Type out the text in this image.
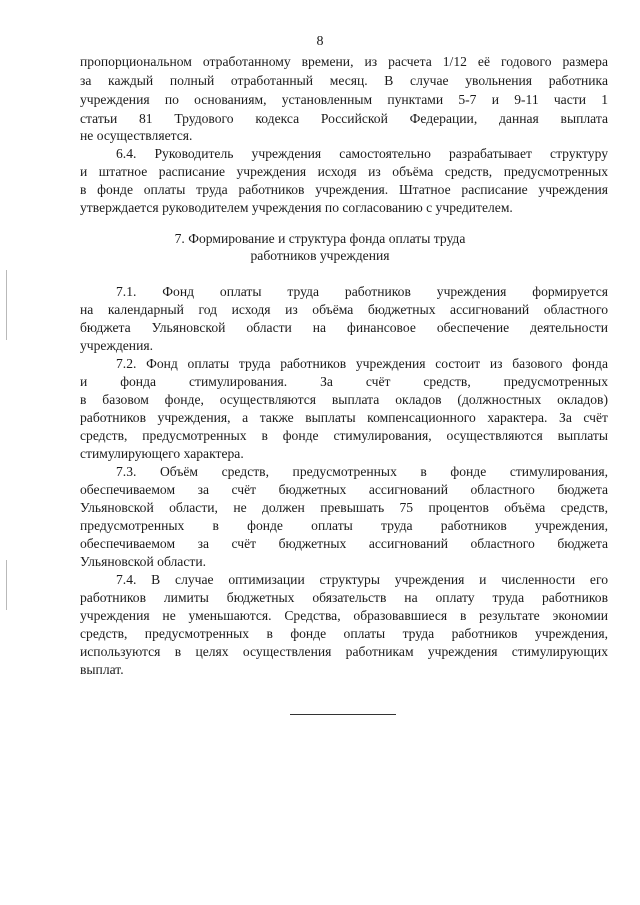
8
пропорциональном отработанному времени, из расчета 1/12 её годового размера
за каждый полный отработанный месяц. В случае увольнения работника
учреждения по основаниям, установленным пунктами 5-7 и 9-11 части 1
статьи 81 Трудового кодекса Российской Федерации, данная выплата
не осуществляется.
6.4. Руководитель учреждения самостоятельно разрабатывает структуру
и штатное расписание учреждения исходя из объёма средств, предусмотренных
в фонде оплаты труда работников учреждения. Штатное расписание учреждения
утверждается руководителем учреждения по согласованию с учредителем.
7. Формирование и структура фонда оплаты труда
работников учреждения
7.1. Фонд оплаты труда работников учреждения формируется
на календарный год исходя из объёма бюджетных ассигнований областного
бюджета Ульяновской области на финансовое обеспечение деятельности
учреждения.
7.2. Фонд оплаты труда работников учреждения состоит из базового фонда
и фонда стимулирования. За счёт средств, предусмотренных
в базовом фонде, осуществляются выплата окладов (должностных окладов)
работников учреждения, а также выплаты компенсационного характера. За счёт
средств, предусмотренных в фонде стимулирования, осуществляются выплаты
стимулирующего характера.
7.3. Объём средств, предусмотренных в фонде стимулирования,
обеспечиваемом за счёт бюджетных ассигнований областного бюджета
Ульяновской области, не должен превышать 75 процентов объёма средств,
предусмотренных в фонде оплаты труда работников учреждения,
обеспечиваемом за счёт бюджетных ассигнований областного бюджета
Ульяновской области.
7.4. В случае оптимизации структуры учреждения и численности его
работников лимиты бюджетных обязательств на оплату труда работников
учреждения не уменьшаются. Средства, образовавшиеся в результате экономии
средств, предусмотренных в фонде оплаты труда работников учреждения,
используются в целях осуществления работникам учреждения стимулирующих
выплат.
